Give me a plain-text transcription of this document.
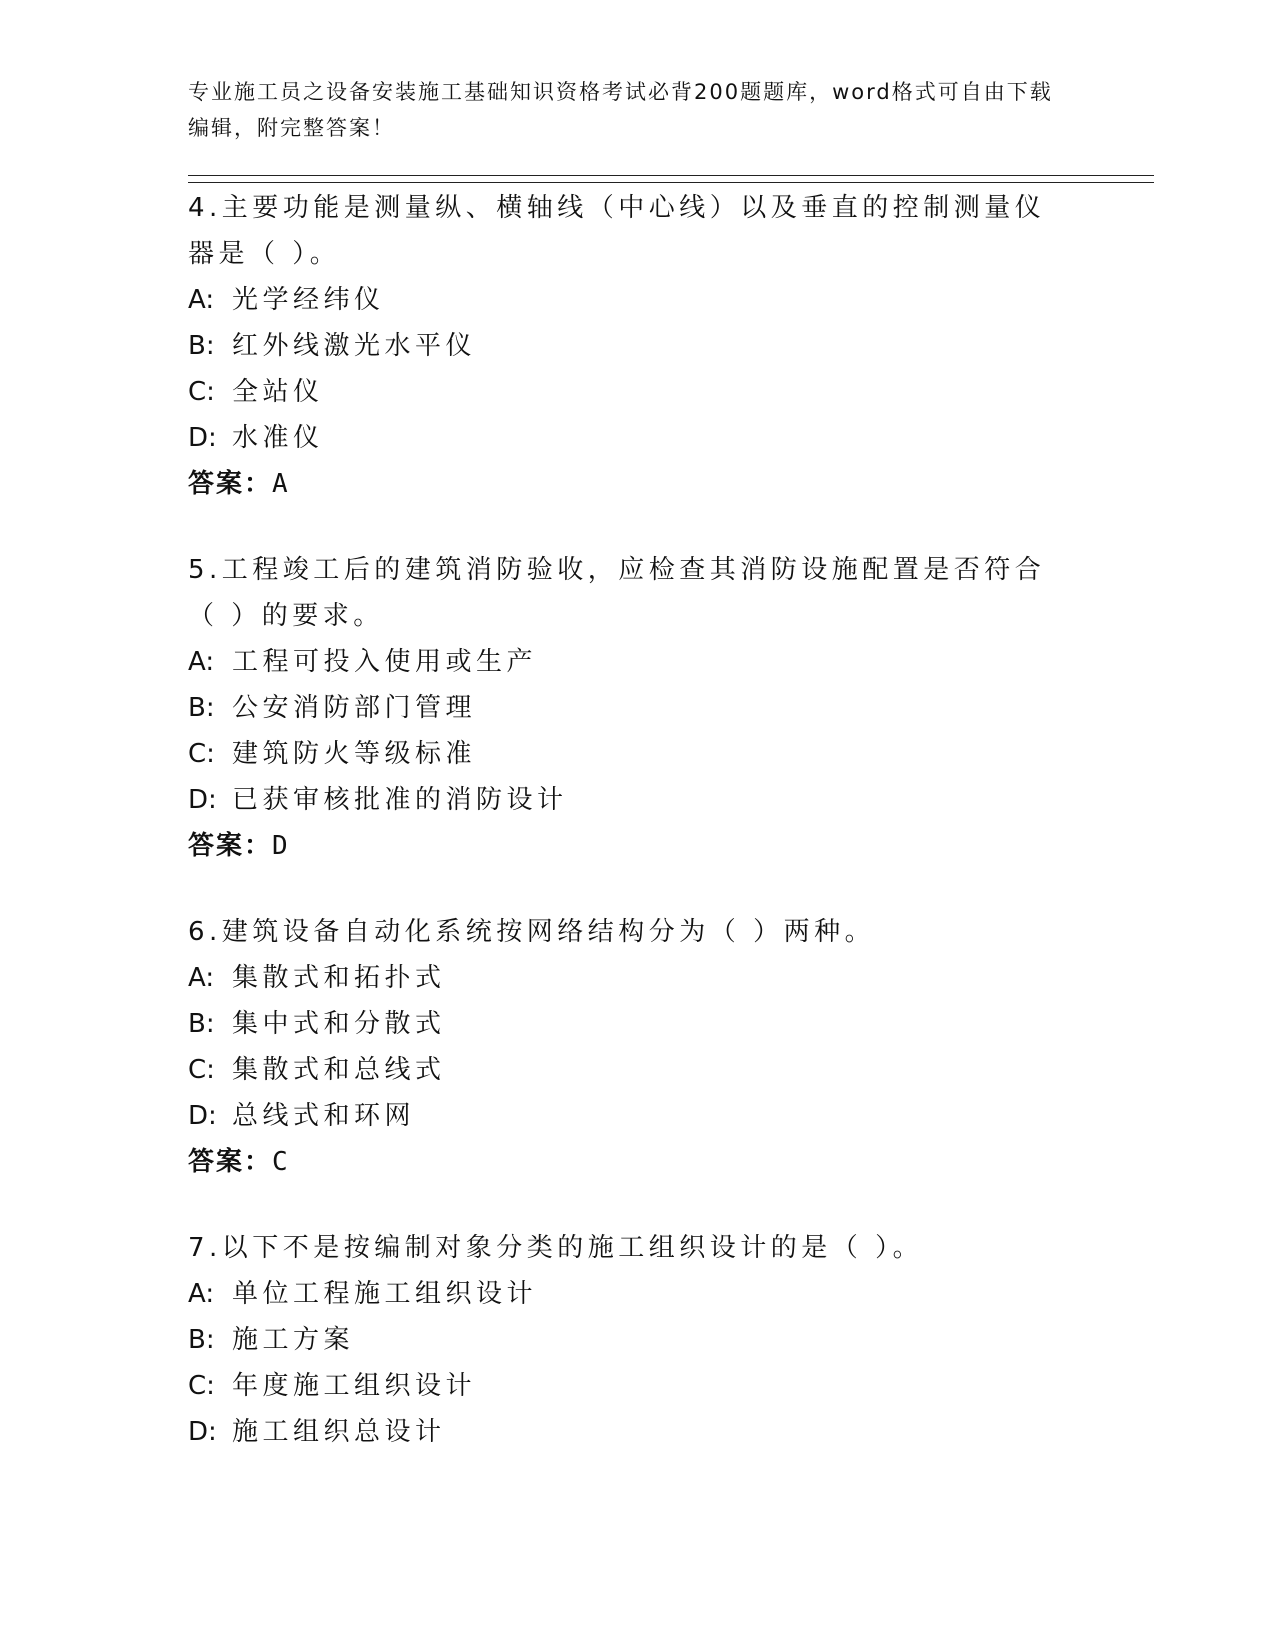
专业施工员之设备安装施工基础知识资格考试必背200题题库，word格式可自由下载编辑，附完整答案！

4.主要功能是测量纵、横轴线（中心线）以及垂直的控制测量仪器是（ ）。

A: 光学经纬仪

B: 红外线激光水平仪

C: 全站仪

D: 水准仪

答案：A

5.工程竣工后的建筑消防验收，应检查其消防设施配置是否符合（ ）的要求。

A: 工程可投入使用或生产

B: 公安消防部门管理

C: 建筑防火等级标准

D: 已获审核批准的消防设计

答案：D

6.建筑设备自动化系统按网络结构分为（ ）两种。

A: 集散式和拓扑式

B: 集中式和分散式

C: 集散式和总线式

D: 总线式和环网

答案：C

7.以下不是按编制对象分类的施工组织设计的是（ ）。

A: 单位工程施工组织设计

B: 施工方案

C: 年度施工组织设计

D: 施工组织总设计
